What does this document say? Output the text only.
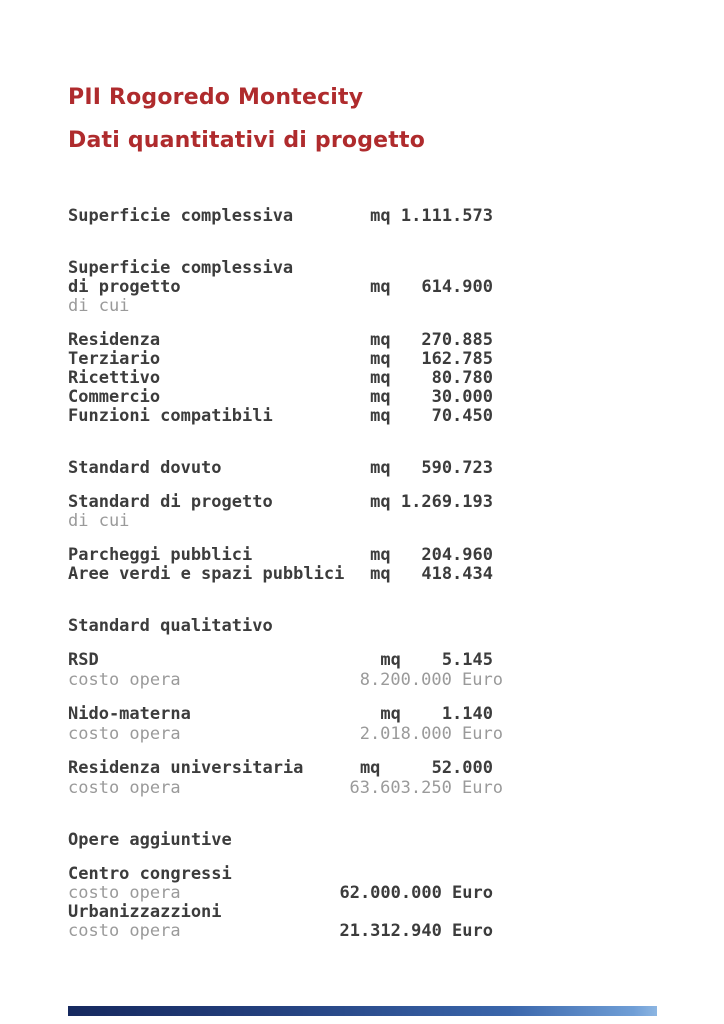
PII Rogoredo Montecity
Dati quantitativi di progetto
Superficie complessiva	mq 1.111.573
Superficie complessiva
di progetto	mq   614.900
di cui
Residenza	mq   270.885
Terziario	mq   162.785
Ricettivo	mq    80.780
Commercio	mq    30.000
Funzioni compatibili	mq    70.450
Standard dovuto	mq   590.723
Standard di progetto	mq 1.269.193
di cui
Parcheggi pubblici	mq   204.960
Aree verdi e spazi pubblici mq   418.434
Standard qualitativo
RSD	mq    5.145
costo opera	8.200.000 Euro
Nido-materna	mq    1.140
costo opera	2.018.000 Euro
Residenza universitaria	mq     52.000
costo opera	63.603.250 Euro
Opere aggiuntive
Centro congressi
costo opera	62.000.000 Euro
Urbanizzazzioni
costo opera	21.312.940 Euro
